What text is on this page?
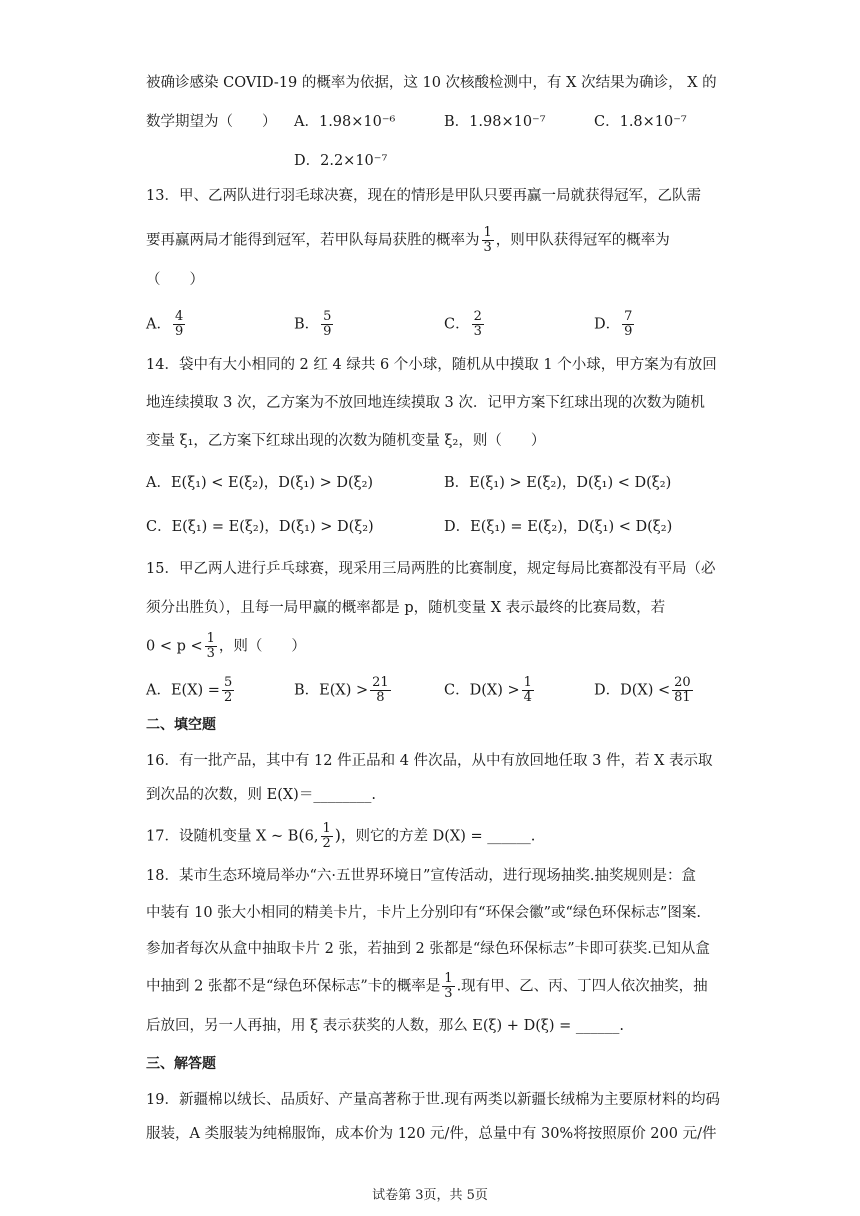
被确诊感染 COVID-19 的概率为依据，这 10 次核酸检测中，有 X 次结果为确诊， X 的
数学期望为（　　） A．1.98×10⁻⁶	B．1.98×10⁻⁷	C．1.8×10⁻⁷
D．2.2×10⁻⁷
13．甲、乙两队进行羽毛球决赛，现在的情形是甲队只要再赢一局就获得冠军，乙队需
要再赢两局才能得到冠军，若甲队每局获胜的概率为 $\frac{1}{3}$ ，则甲队获得冠军的概率为
（　　）
A． $\frac{4}{9}$	B． $\frac{5}{9}$	C． $\frac{2}{3}$	D． $\frac{7}{9}$
14．袋中有大小相同的 2 红 4 绿共 6 个小球，随机从中摸取 1 个小球，甲方案为有放回
地连续摸取 3 次，乙方案为不放回地连续摸取 3 次．记甲方案下红球出现的次数为随机
变量 ξ₁，乙方案下红球出现的次数为随机变量 ξ₂，则（　　）
A．E(ξ₁) < E(ξ₂)，D(ξ₁) > D(ξ₂)	B．E(ξ₁) > E(ξ₂)，D(ξ₁) < D(ξ₂)
C．E(ξ₁) = E(ξ₂)，D(ξ₁) > D(ξ₂)	D．E(ξ₁) = E(ξ₂)，D(ξ₁) < D(ξ₂)
15．甲乙两人进行乒乓球赛，现采用三局两胜的比赛制度，规定每局比赛都没有平局（必
须分出胜负），且每一局甲赢的概率都是 p，随机变量 X 表示最终的比赛局数，若
$0 < p < \frac{1}{3}$ ，则（　　）
A．$E(X) = \frac{5}{2}$	B．$E(X) > \frac{21}{8}$	C．$D(X) > \frac{1}{4}$	D．$D(X) < \frac{20}{81}$
二、填空题
16．有一批产品，其中有 12 件正品和 4 件次品，从中有放回地任取 3 件，若 X 表示取
到次品的次数，则 E(X)＝________.
17．设随机变量 X ~ B(6, $\frac{1}{2}$ )，则它的方差 D(X) = ______.
18．某市生态环境局举办“六·五世界环境日”宣传活动，进行现场抽奖.抽奖规则是：盒
中装有 10 张大小相同的精美卡片，卡片上分别印有“环保会徽”或“绿色环保标志”图案.
参加者每次从盒中抽取卡片 2 张，若抽到 2 张都是“绿色环保标志”卡即可获奖.已知从盒
中抽到 2 张都不是“绿色环保标志”卡的概率是 $\frac{1}{3}$ .现有甲、乙、丙、丁四人依次抽奖，抽
后放回，另一人再抽，用 ξ 表示获奖的人数，那么 E(ξ) + D(ξ) = ______.
三、解答题
19．新疆棉以绒长、品质好、产量高著称于世.现有两类以新疆长绒棉为主要原材料的均码
服装，A 类服装为纯棉服饰，成本价为 120 元/件，总量中有 30%将按照原价 200 元/件
试卷第 3页，共 5页
